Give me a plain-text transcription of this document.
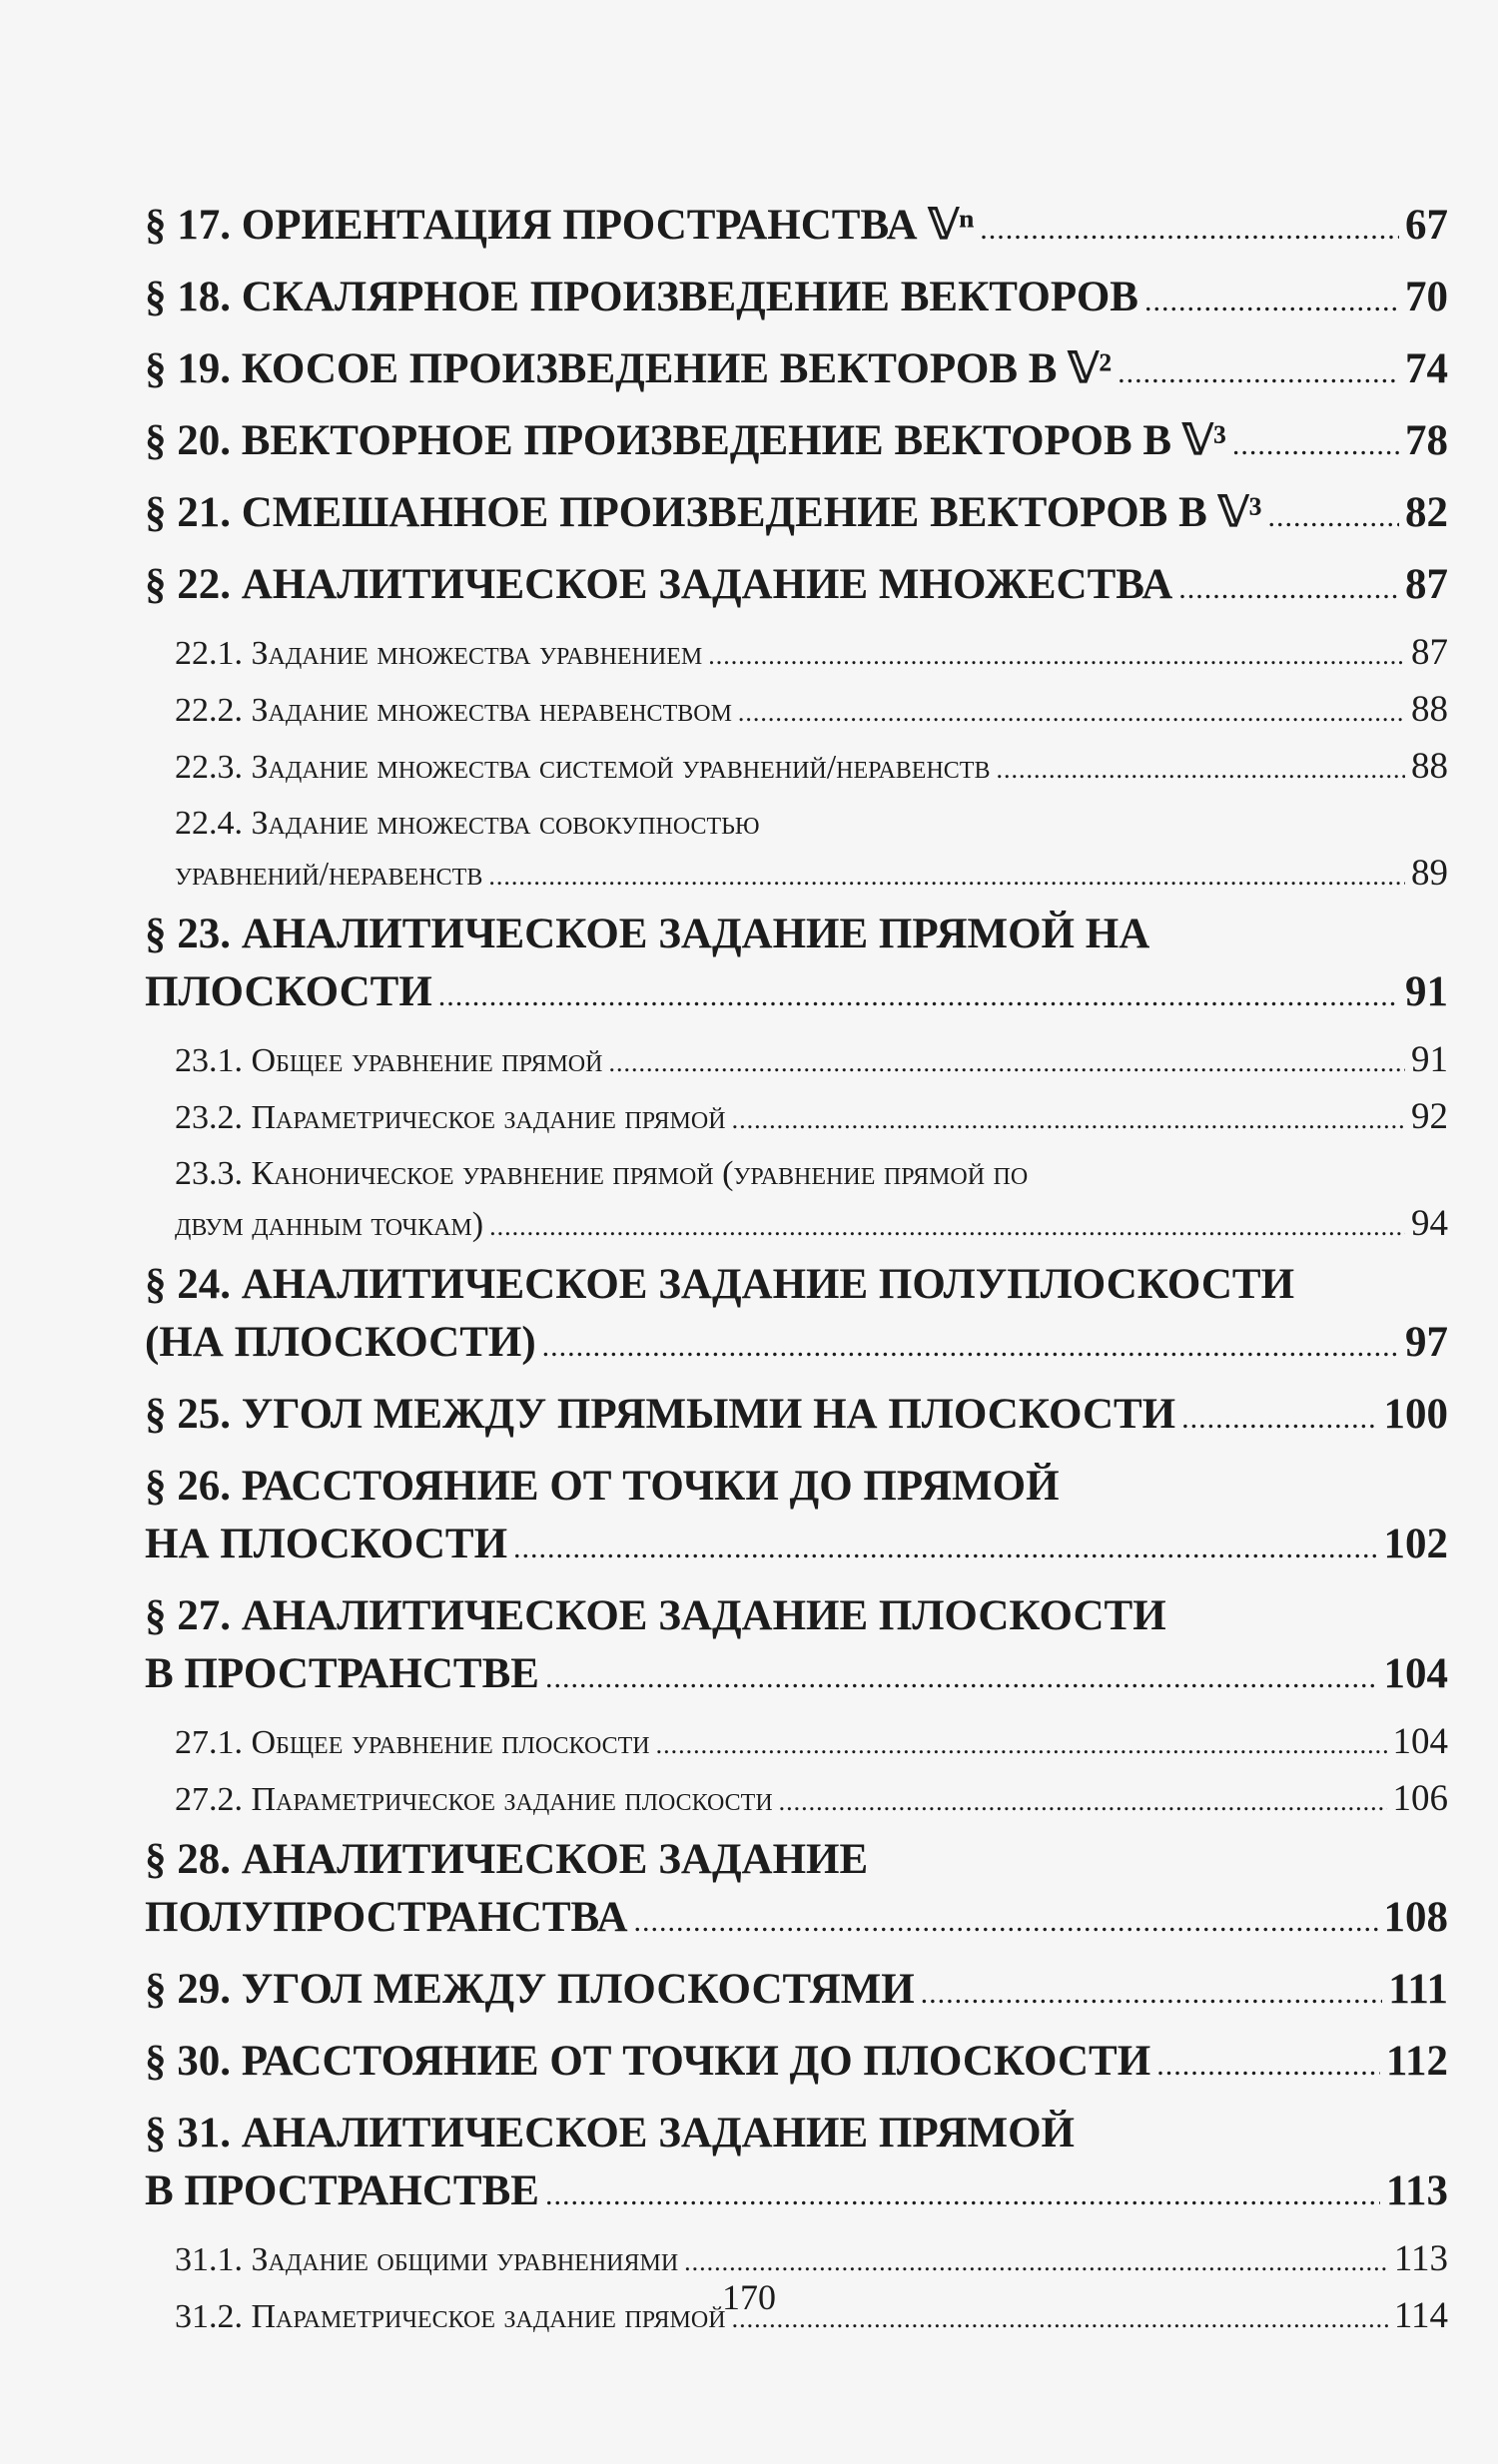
§ 17. ОРИЕНТАЦИЯ ПРОСТРАНСТВА 𝕍ⁿ .....	67
§ 18. СКАЛЯРНОЕ ПРОИЗВЕДЕНИЕ ВЕКТОРОВ .....	70
§ 19. КОСОЕ ПРОИЗВЕДЕНИЕ ВЕКТОРОВ В 𝕍² .....	74
§ 20. ВЕКТОРНОЕ ПРОИЗВЕДЕНИЕ ВЕКТОРОВ В 𝕍³ .....	78
§ 21. СМЕШАННОЕ ПРОИЗВЕДЕНИЕ ВЕКТОРОВ В 𝕍³ .....	82
§ 22. АНАЛИТИЧЕСКОЕ ЗАДАНИЕ МНОЖЕСТВА .....	87
22.1. Задание множества уравнением .....	87
22.2. Задание множества неравенством .....	88
22.3. Задание множества системой уравнений/неравенств .....	88
22.4. Задание множества совокупностью
уравнений/неравенств .....	89
§ 23. АНАЛИТИЧЕСКОЕ ЗАДАНИЕ ПРЯМОЙ НА
ПЛОСКОСТИ .....	91
23.1. Общее уравнение прямой .....	91
23.2. Параметрическое задание прямой .....	92
23.3. Каноническое уравнение прямой (уравнение прямой по
двум данным точкам) .....	94
§ 24. АНАЛИТИЧЕСКОЕ ЗАДАНИЕ ПОЛУПЛОСКОСТИ
(НА ПЛОСКОСТИ) .....	97
§ 25. УГОЛ МЕЖДУ ПРЯМЫМИ НА ПЛОСКОСТИ .....	100
§ 26. РАССТОЯНИЕ ОТ ТОЧКИ ДО ПРЯМОЙ
НА ПЛОСКОСТИ .....	102
§ 27. АНАЛИТИЧЕСКОЕ ЗАДАНИЕ ПЛОСКОСТИ
В ПРОСТРАНСТВЕ .....	104
27.1. Общее уравнение плоскости .....	104
27.2. Параметрическое задание плоскости .....	106
§ 28. АНАЛИТИЧЕСКОЕ ЗАДАНИЕ
ПОЛУПРОСТРАНСТВА .....	108
§ 29. УГОЛ МЕЖДУ ПЛОСКОСТЯМИ .....	111
§ 30. РАССТОЯНИЕ ОТ ТОЧКИ ДО ПЛОСКОСТИ .....	112
§ 31. АНАЛИТИЧЕСКОЕ ЗАДАНИЕ ПРЯМОЙ
В ПРОСТРАНСТВЕ .....	113
31.1. Задание общими уравнениями .....	113
31.2. Параметрическое задание прямой .....	114
170
